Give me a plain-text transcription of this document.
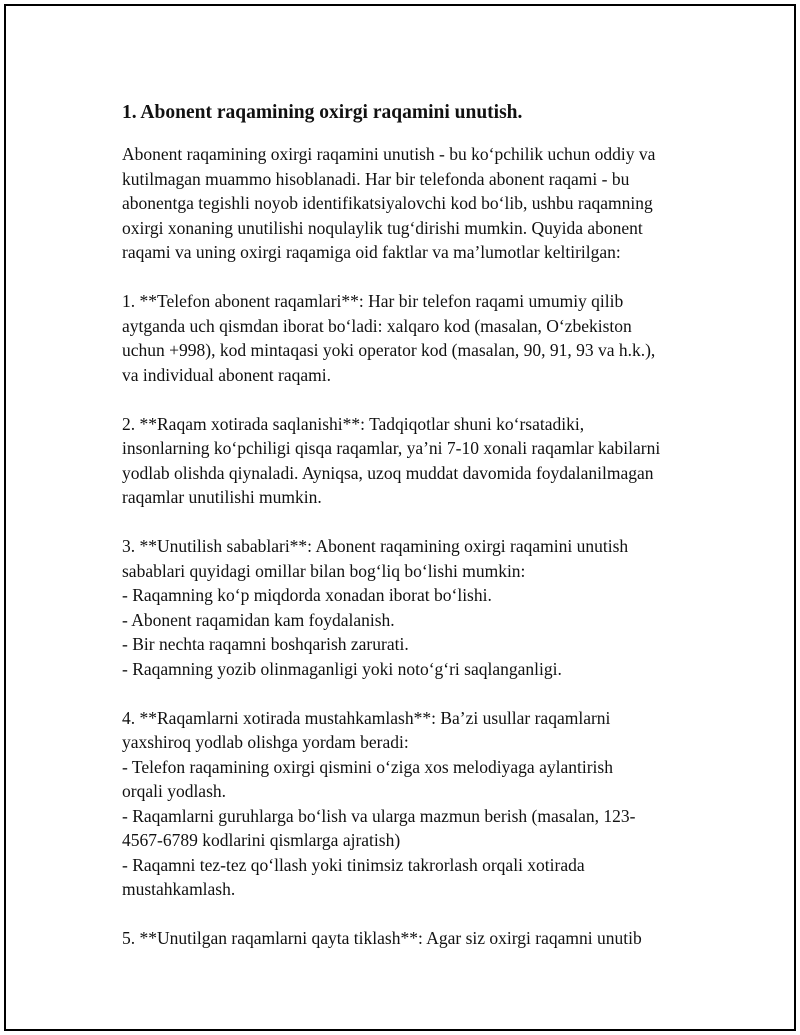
1. Abonent raqamining oxirgi raqamini unutish.

Abonent raqamining oxirgi raqamini unutish - bu koʻpchilik uchun oddiy va
kutilmagan muammo hisoblanadi. Har bir telefonda abonent raqami - bu
abonentga tegishli noyob identifikatsiyalovchi kod boʻlib, ushbu raqamning
oxirgi xonaning unutilishi noqulaylik tugʻdirishi mumkin. Quyida abonent
raqami va uning oxirgi raqamiga oid faktlar va maʼlumotlar keltirilgan:

1. **Telefon abonent raqamlari**: Har bir telefon raqami umumiy qilib
aytganda uch qismdan iborat boʻladi: xalqaro kod (masalan, Oʻzbekiston
uchun +998), kod mintaqasi yoki operator kod (masalan, 90, 91, 93 va h.k.),
va individual abonent raqami.

2. **Raqam xotirada saqlanishi**: Tadqiqotlar shuni koʻrsatadiki,
insonlarning koʻpchiligi qisqa raqamlar, yaʼni 7-10 xonali raqamlar kabilarni
yodlab olishda qiynaladi. Ayniqsa, uzoq muddat davomida foydalanilmagan
raqamlar unutilishi mumkin.

3. **Unutilish sabablari**: Abonent raqamining oxirgi raqamini unutish
sabablari quyidagi omillar bilan bogʻliq boʻlishi mumkin:
- Raqamning koʻp miqdorda xonadan iborat boʻlishi.
- Abonent raqamidan kam foydalanish.
- Bir nechta raqamni boshqarish zarurati.
- Raqamning yozib olinmaganligi yoki notoʻgʻri saqlanganligi.

4. **Raqamlarni xotirada mustahkamlash**: Baʼzi usullar raqamlarni
yaxshiroq yodlab olishga yordam beradi:
- Telefon raqamining oxirgi qismini oʻziga xos melodiyaga aylantirish
orqali yodlash.
- Raqamlarni guruhlarga boʻlish va ularga mazmun berish (masalan, 123-
4567-6789 kodlarini qismlarga ajratish)
- Raqamni tez-tez qoʻllash yoki tinimsiz takrorlash orqali xotirada
mustahkamlash.

5. **Unutilgan raqamlarni qayta tiklash**: Agar siz oxirgi raqamni unutib
